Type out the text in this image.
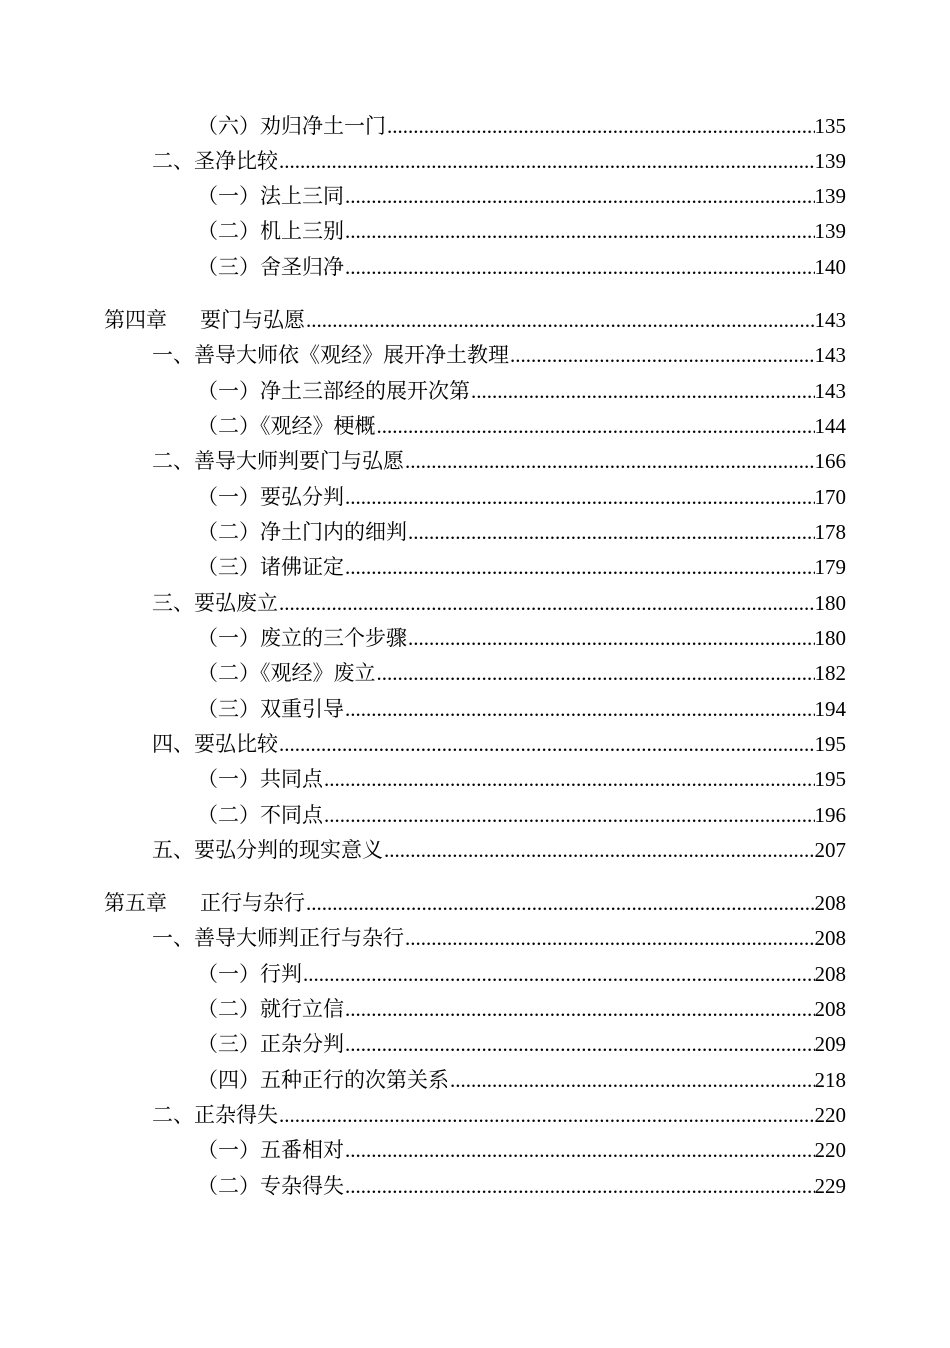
（六）劝归净土一门 .....	135
二、圣净比较 .....	139
（一）法上三同 .....	139
（二）机上三别 .....	139
（三）舍圣归净 .....	140
第四章 要门与弘愿 .....	143
一、善导大师依《观经》展开净土教理 .....	143
（一）净土三部经的展开次第 .....	143
（二）《观经》梗概 .....	144
二、善导大师判要门与弘愿 .....	166
（一）要弘分判 .....	170
（二）净土门内的细判 .....	178
（三）诸佛证定 .....	179
三、要弘废立 .....	180
（一）废立的三个步骤 .....	180
（二）《观经》废立 .....	182
（三）双重引导 .....	194
四、要弘比较 .....	195
（一）共同点 .....	195
（二）不同点 .....	196
五、要弘分判的现实意义 .....	207
第五章 正行与杂行 .....	208
一、善导大师判正行与杂行 .....	208
（一）行判 .....	208
（二）就行立信 .....	208
（三）正杂分判 .....	209
（四）五种正行的次第关系 .....	218
二、正杂得失 .....	220
（一）五番相对 .....	220
（二）专杂得失 .....	229
